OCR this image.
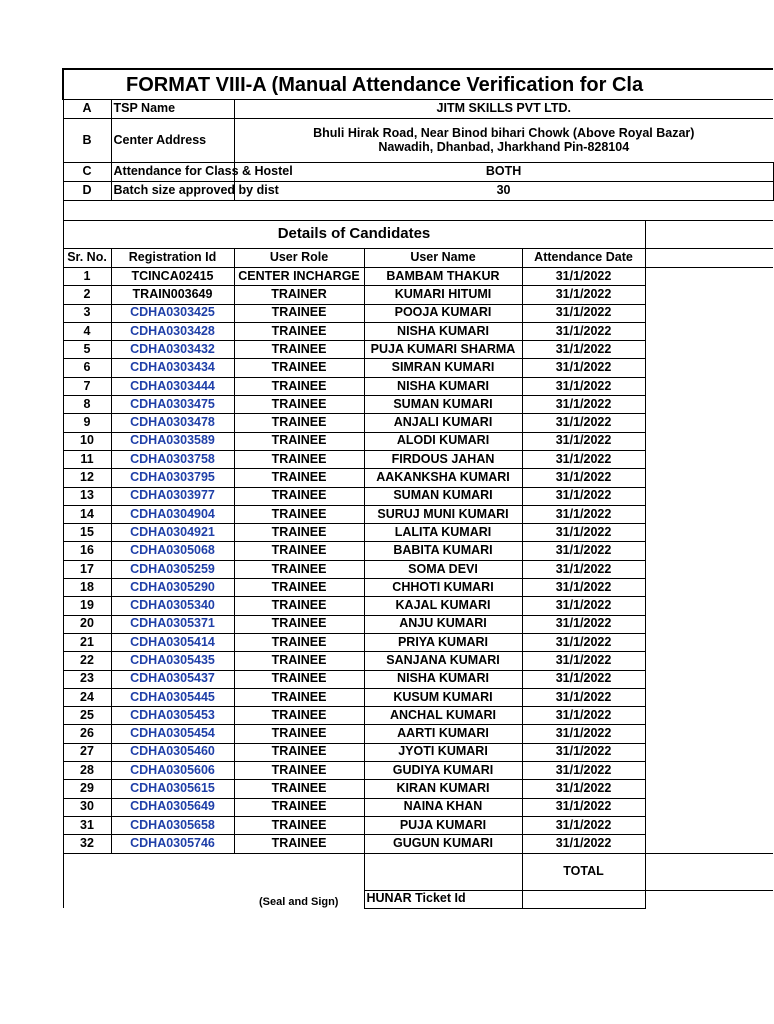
FORMAT VIII-A (Manual Attendance Verification for Cla					
A	TSP Name	JITM SKILLS PVT LTD.			
B	Center Address	Bhuli Hirak Road, Near Binod bihari Chowk (Above Royal Bazar)
Nawadih, Dhanbad, Jharkhand Pin-828104			

C	Attendance for Class & Hostel	BOTH			
D	Batch size approved by dist	30			

Details of Candidates					
Sr. No.	Registration Id	User Role	User Name	Attendance Date	
1	TCINCA02415	CENTER INCHARGE	BAMBAM THAKUR	31/1/2022	
2	TRAIN003649	TRAINER	KUMARI HITUMI	31/1/2022	
3	CDHA0303425	TRAINEE	POOJA KUMARI	31/1/2022	
4	CDHA0303428	TRAINEE	NISHA KUMARI	31/1/2022	
5	CDHA0303432	TRAINEE	PUJA KUMARI SHARMA	31/1/2022	
6	CDHA0303434	TRAINEE	SIMRAN KUMARI	31/1/2022	
7	CDHA0303444	TRAINEE	NISHA KUMARI	31/1/2022	
8	CDHA0303475	TRAINEE	SUMAN KUMARI	31/1/2022	
9	CDHA0303478	TRAINEE	ANJALI KUMARI	31/1/2022	
10	CDHA0303589	TRAINEE	ALODI KUMARI	31/1/2022	
11	CDHA0303758	TRAINEE	FIRDOUS JAHAN	31/1/2022	
12	CDHA0303795	TRAINEE	AAKANKSHA KUMARI	31/1/2022	
13	CDHA0303977	TRAINEE	SUMAN KUMARI	31/1/2022	
14	CDHA0304904	TRAINEE	SURUJ MUNI KUMARI	31/1/2022	
15	CDHA0304921	TRAINEE	LALITA KUMARI	31/1/2022	
16	CDHA0305068	TRAINEE	BABITA KUMARI	31/1/2022	
17	CDHA0305259	TRAINEE	SOMA DEVI	31/1/2022	
18	CDHA0305290	TRAINEE	CHHOTI KUMARI	31/1/2022	
19	CDHA0305340	TRAINEE	KAJAL KUMARI	31/1/2022	
20	CDHA0305371	TRAINEE	ANJU KUMARI	31/1/2022	
21	CDHA0305414	TRAINEE	PRIYA KUMARI	31/1/2022	
22	CDHA0305435	TRAINEE	SANJANA KUMARI	31/1/2022	
23	CDHA0305437	TRAINEE	NISHA KUMARI	31/1/2022	
24	CDHA0305445	TRAINEE	KUSUM KUMARI	31/1/2022	
25	CDHA0305453	TRAINEE	ANCHAL KUMARI	31/1/2022	
26	CDHA0305454	TRAINEE	AARTI KUMARI	31/1/2022	
27	CDHA0305460	TRAINEE	JYOTI KUMARI	31/1/2022	
28	CDHA0305606	TRAINEE	GUDIYA KUMARI	31/1/2022	
29	CDHA0305615	TRAINEE	KIRAN KUMARI	31/1/2022	
30	CDHA0305649	TRAINEE	NAINA KHAN	31/1/2022	
31	CDHA0305658	TRAINEE	PUJA KUMARI	31/1/2022	
32	CDHA0305746	TRAINEE	GUGUN KUMARI	31/1/2022	
		(Seal and Sign)		TOTAL	
			HUNAR Ticket Id		
